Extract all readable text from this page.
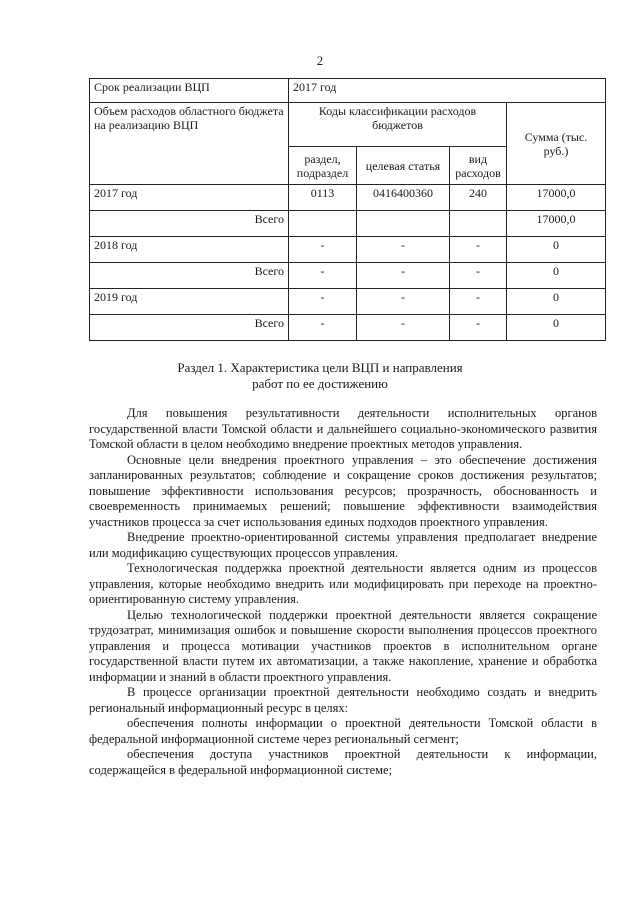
2
Срок реализации ВЦП	2017 год			
Объем расходов областного бюджета на реализацию ВЦП	Коды классификации расходов бюджетов			Сумма (тыс. руб.)
	раздел, подраздел	целевая статья	вид расходов	
2017 год	0113	0416400360	240	17000,0
Всего				17000,0
2018 год	-	-	-	0
Всего	-	-	-	0
2019 год	-	-	-	0
Всего	-	-	-	0
Раздел 1. Характеристика цели ВЦП и направления
работ по ее достижению

Для повышения результативности деятельности исполнительных органов государственной власти Томской области и дальнейшего социально-экономического развития Томской области в целом необходимо внедрение проектных методов управления.

Основные цели внедрения проектного управления – это обеспечение достижения запланированных результатов; соблюдение и сокращение сроков достижения результатов; повышение эффективности использования ресурсов; прозрачность, обоснованность и своевременность принимаемых решений; повышение эффективности взаимодействия участников процесса за счет использования единых подходов проектного управления.

Внедрение проектно-ориентированной системы управления предполагает внедрение или модификацию существующих процессов управления.

Технологическая поддержка проектной деятельности является одним из процессов управления, которые необходимо внедрить или модифицировать при переходе на проектно-ориентированную систему управления.

Целью технологической поддержки проектной деятельности является сокращение трудозатрат, минимизация ошибок и повышение скорости выполнения процессов проектного управления и процесса мотивации участников проектов в исполнительном органе государственной власти путем их автоматизации, а также накопление, хранение и обработка информации и знаний в области проектного управления.

В процессе организации проектной деятельности необходимо создать и внедрить региональный информационный ресурс в целях:

обеспечения полноты информации о проектной деятельности Томской области в федеральной информационной системе через региональный сегмент;

обеспечения доступа участников проектной деятельности к информации, содержащейся в федеральной информационной системе;
